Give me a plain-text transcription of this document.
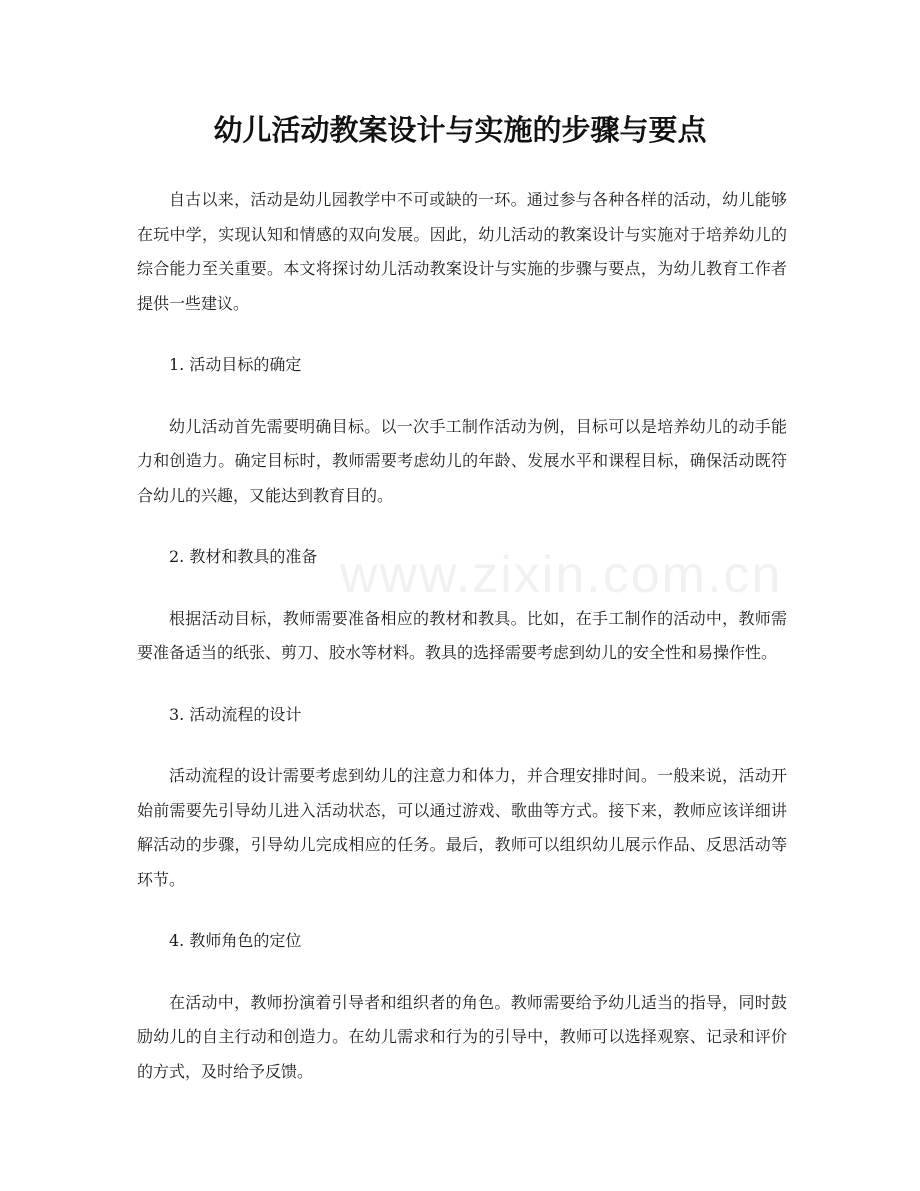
www.zixin.com.cn
幼儿活动教案设计与实施的步骤与要点

自古以来，活动是幼儿园教学中不可或缺的一环。通过参与各种各样的活动，幼儿能够在玩中学，实现认知和情感的双向发展。因此，幼儿活动的教案设计与实施对于培养幼儿的综合能力至关重要。本文将探讨幼儿活动教案设计与实施的步骤与要点，为幼儿教育工作者提供一些建议。

1. 活动目标的确定

幼儿活动首先需要明确目标。以一次手工制作活动为例，目标可以是培养幼儿的动手能力和创造力。确定目标时，教师需要考虑幼儿的年龄、发展水平和课程目标，确保活动既符合幼儿的兴趣，又能达到教育目的。

2. 教材和教具的准备

根据活动目标，教师需要准备相应的教材和教具。比如，在手工制作的活动中，教师需要准备适当的纸张、剪刀、胶水等材料。教具的选择需要考虑到幼儿的安全性和易操作性。

3. 活动流程的设计

活动流程的设计需要考虑到幼儿的注意力和体力，并合理安排时间。一般来说，活动开始前需要先引导幼儿进入活动状态，可以通过游戏、歌曲等方式。接下来，教师应该详细讲解活动的步骤，引导幼儿完成相应的任务。最后，教师可以组织幼儿展示作品、反思活动等环节。

4. 教师角色的定位

在活动中，教师扮演着引导者和组织者的角色。教师需要给予幼儿适当的指导，同时鼓励幼儿的自主行动和创造力。在幼儿需求和行为的引导中，教师可以选择观察、记录和评价的方式，及时给予反馈。
